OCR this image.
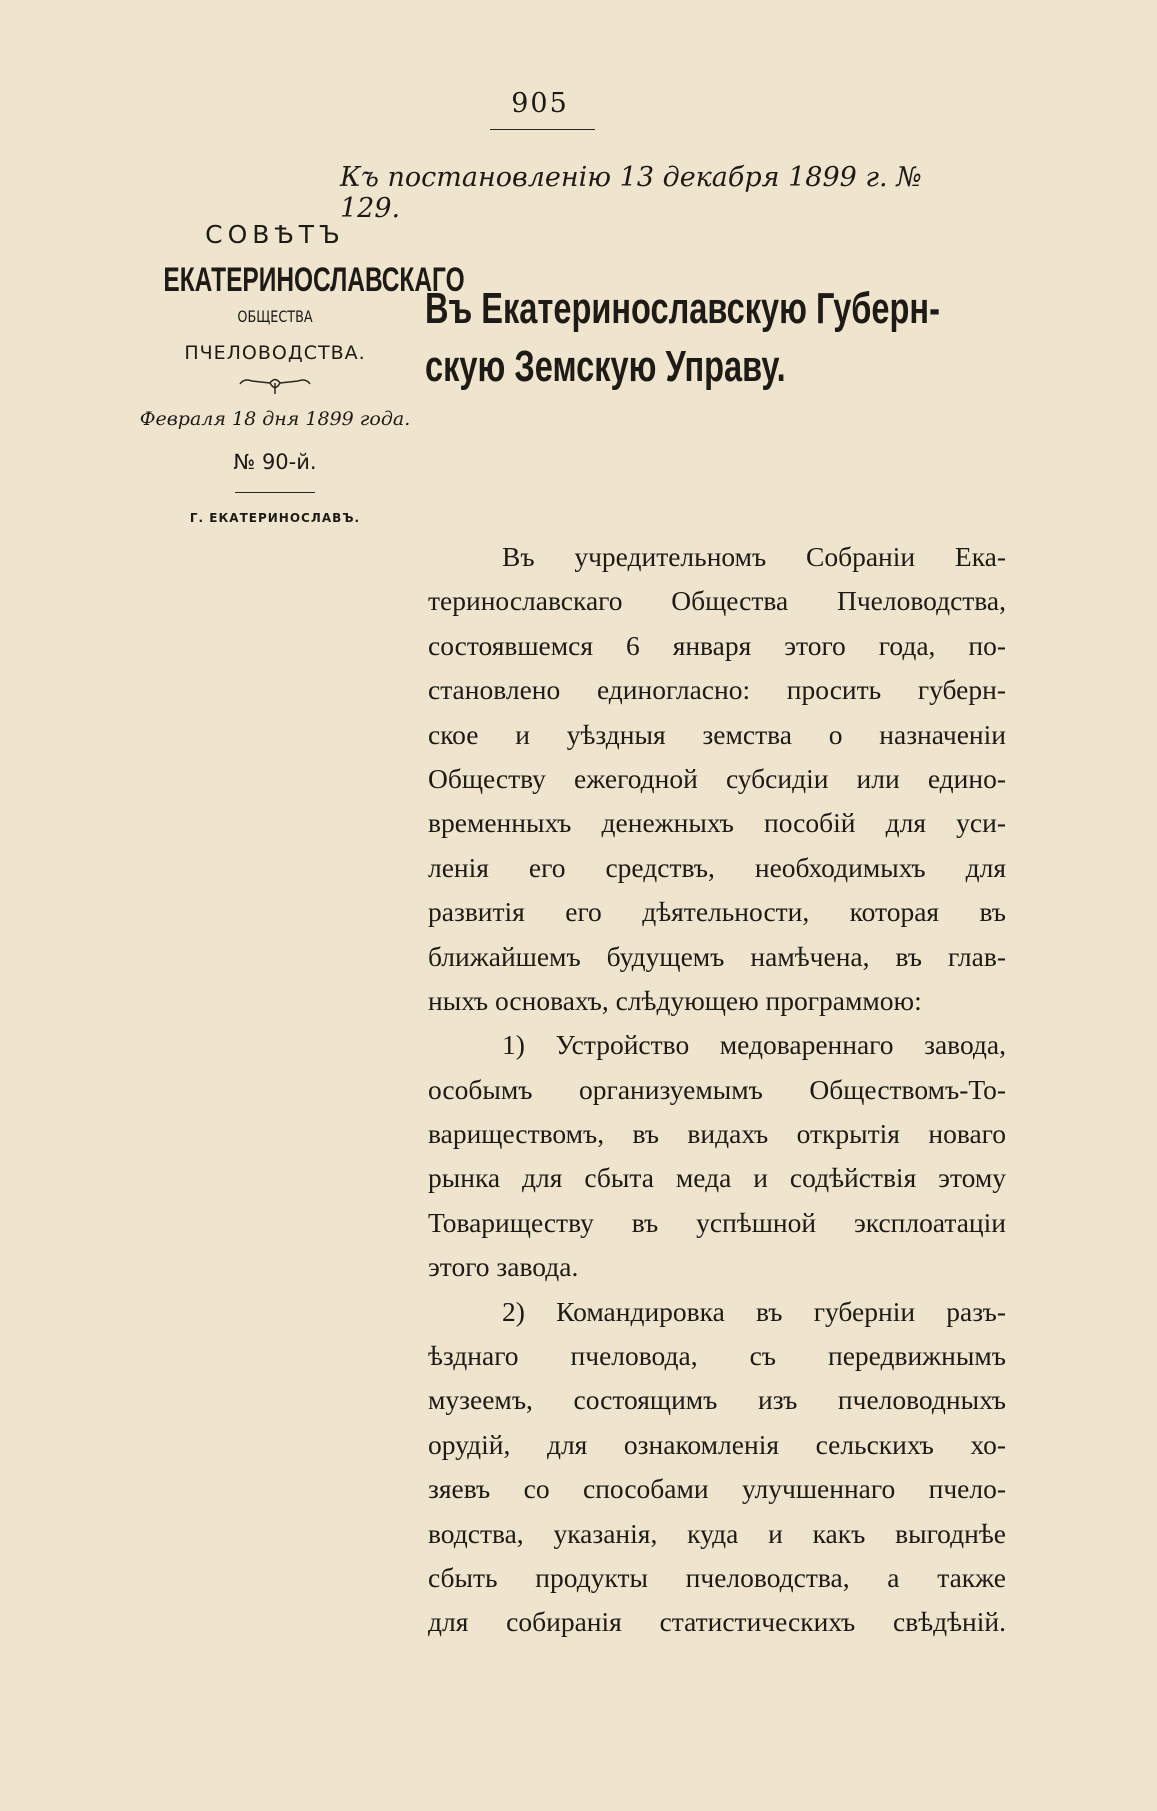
905
Къ постановленію 13 декабря 1899 г. № 129.
СОВѢТЪ
ЕКАТЕРИНОСЛАВСКАГО
ОБЩЕСТВА
ПЧЕЛОВОДСТВА.
Февраля 18 дня 1899 года.
№ 90-й.
Г. ЕКАТЕРИНОСЛАВЪ.
Въ Екатеринославскую Губерн-
скую Земскую Управу.
Въ учредительномъ Собраніи Ека-
теринославскаго Общества Пчеловодства,
состоявшемся 6 января этого года, по-
становлено единогласно: просить губерн-
ское и уѣздныя земства о назначеніи
Обществу ежегодной субсидіи или едино-
временныхъ денежныхъ пособій для уси-
ленія его средствъ, необходимыхъ для
развитія его дѣятельности, которая въ
ближайшемъ будущемъ намѣчена, въ глав-
ныхъ основахъ, слѣдующею программою:
1) Устройство медовареннаго завода,
особымъ организуемымъ Обществомъ-То-
вариществомъ, въ видахъ открытія новаго
рынка для сбыта меда и содѣйствія этому
Товариществу въ успѣшной эксплоатаціи
этого завода.
2) Командировка въ губерніи разъ-
ѣзднаго пчеловода, съ передвижнымъ
музеемъ, состоящимъ изъ пчеловодныхъ
орудій, для ознакомленія сельскихъ хо-
зяевъ со способами улучшеннаго пчело-
водства, указанія, куда и какъ выгоднѣе
сбыть продукты пчеловодства, а также
для собиранія статистическихъ свѣдѣній.
